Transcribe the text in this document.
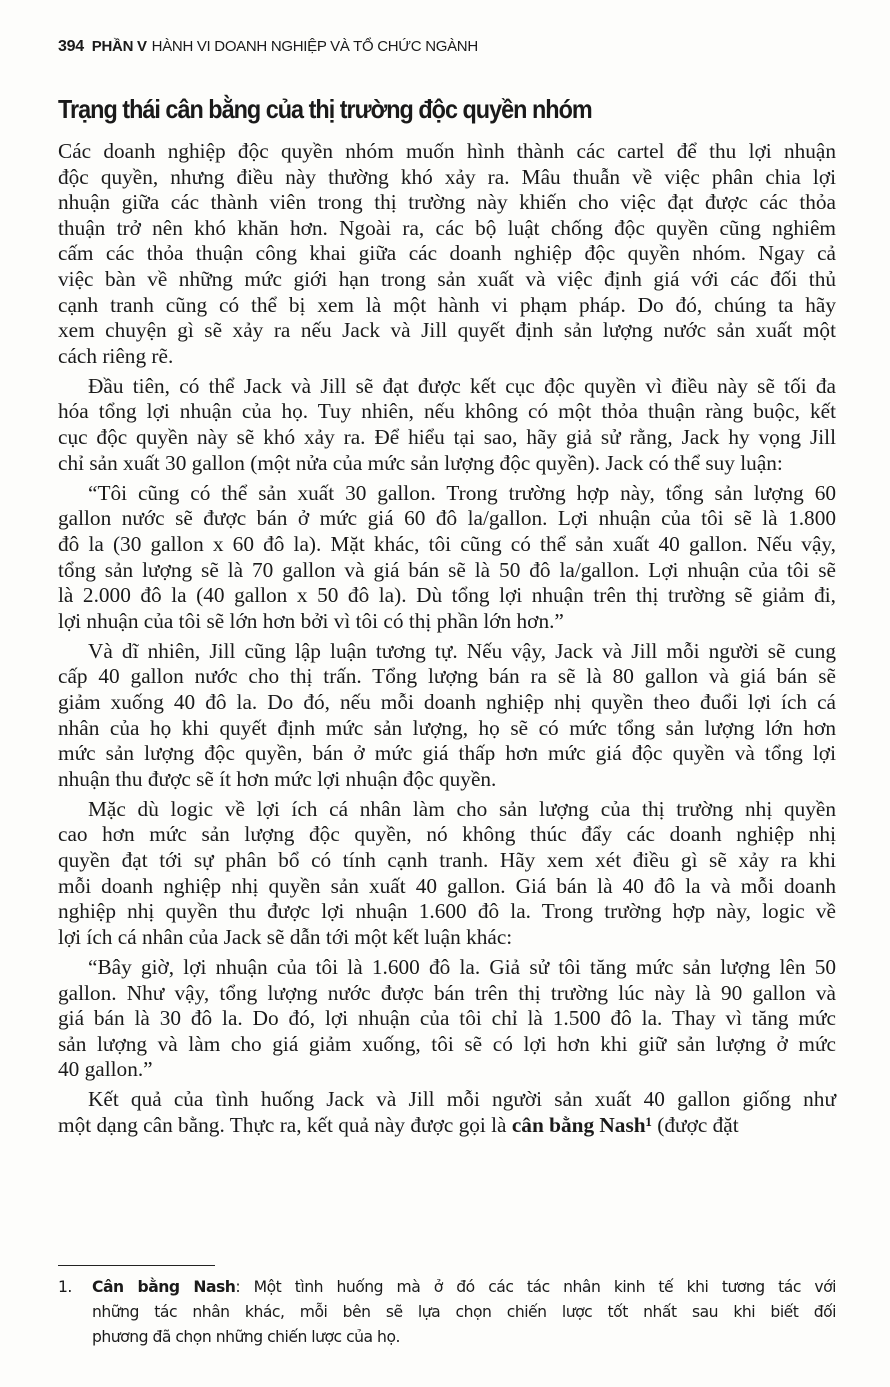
394 PHẦN V HÀNH VI DOANH NGHIỆP VÀ TỔ CHỨC NGÀNH
Trạng thái cân bằng của thị trường độc quyền nhóm
Các doanh nghiệp độc quyền nhóm muốn hình thành các cartel để thu lợi nhuận
độc quyền, nhưng điều này thường khó xảy ra. Mâu thuẫn về việc phân chia lợi
nhuận giữa các thành viên trong thị trường này khiến cho việc đạt được các thỏa
thuận trở nên khó khăn hơn. Ngoài ra, các bộ luật chống độc quyền cũng nghiêm
cấm các thỏa thuận công khai giữa các doanh nghiệp độc quyền nhóm. Ngay cả
việc bàn về những mức giới hạn trong sản xuất và việc định giá với các đối thủ
cạnh tranh cũng có thể bị xem là một hành vi phạm pháp. Do đó, chúng ta hãy
xem chuyện gì sẽ xảy ra nếu Jack và Jill quyết định sản lượng nước sản xuất một
cách riêng rẽ.
Đầu tiên, có thể Jack và Jill sẽ đạt được kết cục độc quyền vì điều này sẽ tối đa
hóa tổng lợi nhuận của họ. Tuy nhiên, nếu không có một thỏa thuận ràng buộc, kết
cục độc quyền này sẽ khó xảy ra. Để hiểu tại sao, hãy giả sử rằng, Jack hy vọng Jill
chỉ sản xuất 30 gallon (một nửa của mức sản lượng độc quyền). Jack có thể suy luận:
“Tôi cũng có thể sản xuất 30 gallon. Trong trường hợp này, tổng sản lượng 60
gallon nước sẽ được bán ở mức giá 60 đô la/gallon. Lợi nhuận của tôi sẽ là 1.800
đô la (30 gallon x 60 đô la). Mặt khác, tôi cũng có thể sản xuất 40 gallon. Nếu vậy,
tổng sản lượng sẽ là 70 gallon và giá bán sẽ là 50 đô la/gallon. Lợi nhuận của tôi sẽ
là 2.000 đô la (40 gallon x 50 đô la). Dù tổng lợi nhuận trên thị trường sẽ giảm đi,
lợi nhuận của tôi sẽ lớn hơn bởi vì tôi có thị phần lớn hơn.”
Và dĩ nhiên, Jill cũng lập luận tương tự. Nếu vậy, Jack và Jill mỗi người sẽ cung
cấp 40 gallon nước cho thị trấn. Tổng lượng bán ra sẽ là 80 gallon và giá bán sẽ
giảm xuống 40 đô la. Do đó, nếu mỗi doanh nghiệp nhị quyền theo đuổi lợi ích cá
nhân của họ khi quyết định mức sản lượng, họ sẽ có mức tổng sản lượng lớn hơn
mức sản lượng độc quyền, bán ở mức giá thấp hơn mức giá độc quyền và tổng lợi
nhuận thu được sẽ ít hơn mức lợi nhuận độc quyền.
Mặc dù logic về lợi ích cá nhân làm cho sản lượng của thị trường nhị quyền
cao hơn mức sản lượng độc quyền, nó không thúc đẩy các doanh nghiệp nhị
quyền đạt tới sự phân bổ có tính cạnh tranh. Hãy xem xét điều gì sẽ xảy ra khi
mỗi doanh nghiệp nhị quyền sản xuất 40 gallon. Giá bán là 40 đô la và mỗi doanh
nghiệp nhị quyền thu được lợi nhuận 1.600 đô la. Trong trường hợp này, logic về
lợi ích cá nhân của Jack sẽ dẫn tới một kết luận khác:
“Bây giờ, lợi nhuận của tôi là 1.600 đô la. Giả sử tôi tăng mức sản lượng lên 50
gallon. Như vậy, tổng lượng nước được bán trên thị trường lúc này là 90 gallon và
giá bán là 30 đô la. Do đó, lợi nhuận của tôi chỉ là 1.500 đô la. Thay vì tăng mức
sản lượng và làm cho giá giảm xuống, tôi sẽ có lợi hơn khi giữ sản lượng ở mức
40 gallon.”
Kết quả của tình huống Jack và Jill mỗi người sản xuất 40 gallon giống như
một dạng cân bằng. Thực ra, kết quả này được gọi là cân bằng Nash¹ (được đặt
1. Cân bằng Nash: Một tình huống mà ở đó các tác nhân kinh tế khi tương tác với
những tác nhân khác, mỗi bên sẽ lựa chọn chiến lược tốt nhất sau khi biết đối
phương đã chọn những chiến lược của họ.
